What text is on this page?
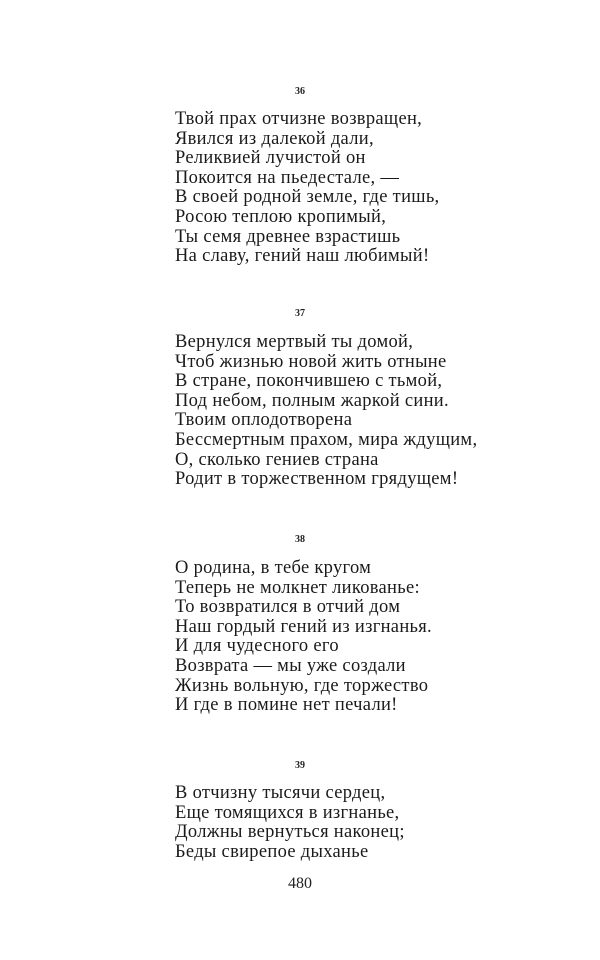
36
Твой прах отчизне возвращен,
Явился из далекой дали,
Реликвией лучистой он
Покоится на пьедестале, —
В своей родной земле, где тишь,
Росою теплою кропимый,
Ты семя древнее взрастишь
На славу, гений наш любимый!
37
Вернулся мертвый ты домой,
Чтоб жизнью новой жить отныне
В стране, покончившею с тьмой,
Под небом, полным жаркой сини.
Твоим оплодотворена
Бессмертным прахом, мира ждущим,
О, сколько гениев страна
Родит в торжественном грядущем!
38
О родина, в тебе кругом
Теперь не молкнет ликованье:
То возвратился в отчий дом
Наш гордый гений из изгнанья.
И для чудесного его
Возврата — мы уже создали
Жизнь вольную, где торжество
И где в помине нет печали!
39
В отчизну тысячи сердец,
Еще томящихся в изгнанье,
Должны вернуться наконец;
Беды свирепое дыханье
480
